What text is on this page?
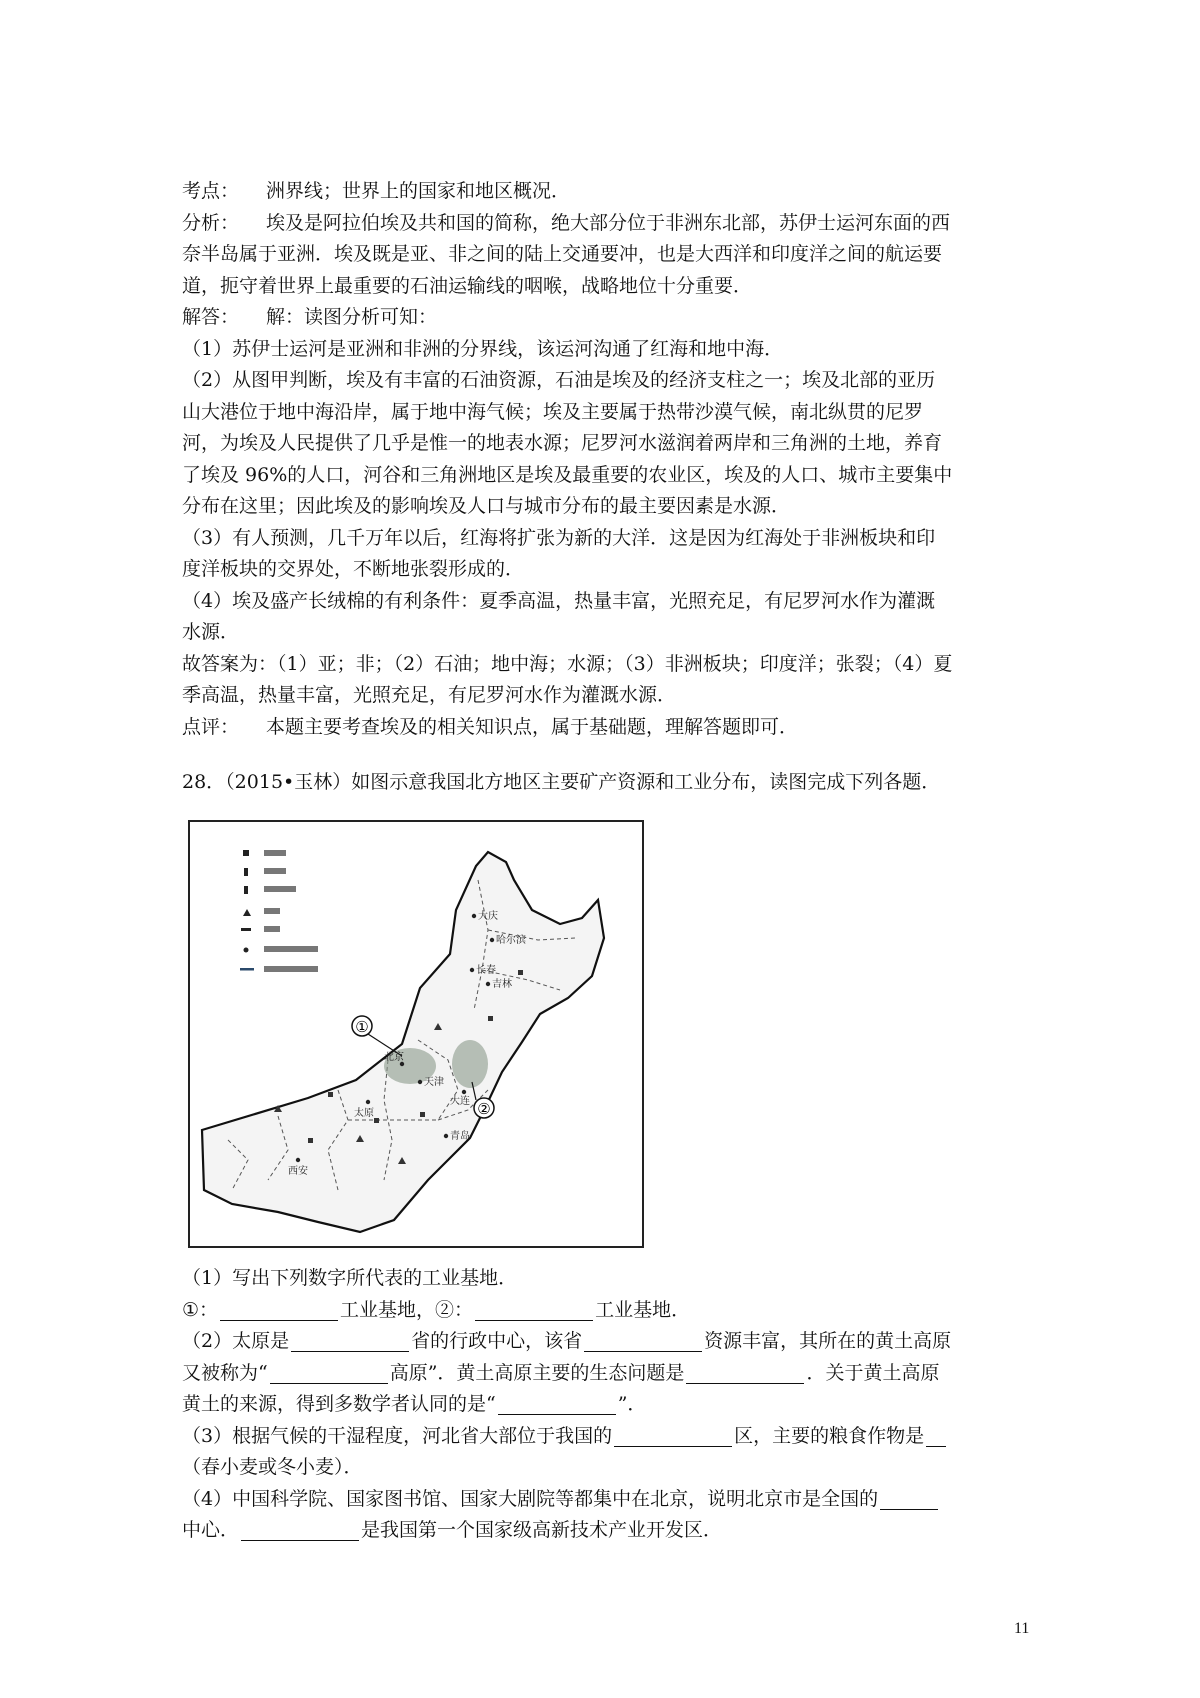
考点： 洲界线；世界上的国家和地区概况．
分析： 埃及是阿拉伯埃及共和国的简称，绝大部分位于非洲东北部，苏伊士运河东面的西
奈半岛属于亚洲．埃及既是亚、非之间的陆上交通要冲，也是大西洋和印度洋之间的航运要
道，扼守着世界上最重要的石油运输线的咽喉，战略地位十分重要．
解答： 解：读图分析可知：
（1）苏伊士运河是亚洲和非洲的分界线，该运河沟通了红海和地中海．
（2）从图甲判断，埃及有丰富的石油资源，石油是埃及的经济支柱之一；埃及北部的亚历
山大港位于地中海沿岸，属于地中海气候；埃及主要属于热带沙漠气候，南北纵贯的尼罗
河，为埃及人民提供了几乎是惟一的地表水源；尼罗河水滋润着两岸和三角洲的土地，养育
了埃及 96%的人口，河谷和三角洲地区是埃及最重要的农业区，埃及的人口、城市主要集中
分布在这里；因此埃及的影响埃及人口与城市分布的最主要因素是水源．
（3）有人预测，几千万年以后，红海将扩张为新的大洋．这是因为红海处于非洲板块和印
度洋板块的交界处，不断地张裂形成的．
（4）埃及盛产长绒棉的有利条件：夏季高温，热量丰富，光照充足，有尼罗河水作为灌溉
水源．
故答案为：（1）亚；非；（2）石油；地中海；水源；（3）非洲板块；印度洋；张裂；（4）夏
季高温，热量丰富，光照充足，有尼罗河水作为灌溉水源．
点评： 本题主要考查埃及的相关知识点，属于基础题，理解答题即可．
28．（2015•玉林）如图示意我国北方地区主要矿产资源和工业分布，读图完成下列各题．
①
②
大庆
哈尔滨
长春
吉林
北京
天津
大连
太原
西安
青岛
（1）写出下列数字所代表的工业基地．
①：	工业基地，②：	工业基地．
（2）太原是	省的行政中心，该省	资源丰富，其所在的黄土高原
又被称为“	高原”．黄土高原主要的生态问题是	．关于黄土高原
黄土的来源，得到多数学者认同的是“	”．
（3）根据气候的干湿程度，河北省大部位于我国的	区，主要的粮食作物是
（春小麦或冬小麦）．
（4）中国科学院、国家图书馆、国家大剧院等都集中在北京，说明北京市是全国的
中心．	是我国第一个国家级高新技术产业开发区．
11
